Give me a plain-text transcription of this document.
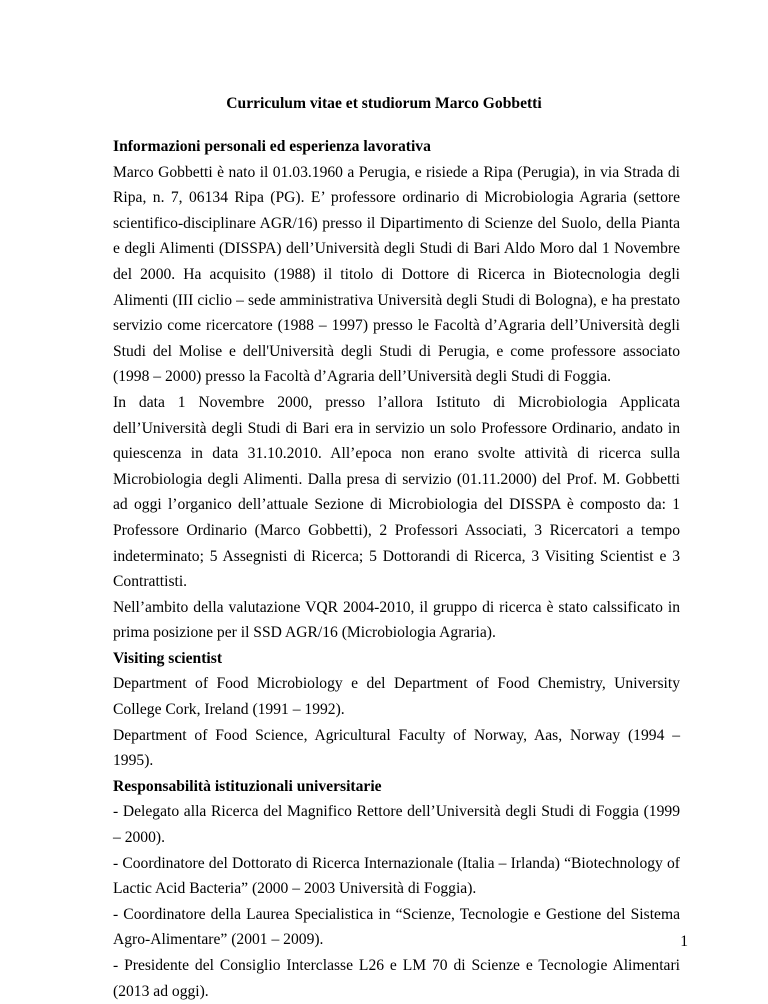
Curriculum vitae et studiorum Marco Gobbetti
Informazioni personali ed esperienza lavorativa

Marco Gobbetti è nato il 01.03.1960 a Perugia, e risiede a Ripa (Perugia), in via Strada di Ripa, n. 7, 06134 Ripa (PG). E’ professore ordinario di Microbiologia Agraria (settore scientifico-disciplinare AGR/16) presso il Dipartimento di Scienze del Suolo, della Pianta e degli Alimenti (DISSPA) dell’Università degli Studi di Bari Aldo Moro dal 1 Novembre del 2000. Ha acquisito (1988) il titolo di Dottore di Ricerca in Biotecnologia degli Alimenti (III ciclio – sede amministrativa Università degli Studi di Bologna), e ha prestato servizio come ricercatore (1988 – 1997) presso le Facoltà d’Agraria dell’Università degli Studi del Molise e dell'Università degli Studi di Perugia, e come professore associato (1998 – 2000) presso la Facoltà d’Agraria dell’Università degli Studi di Foggia.

In data 1 Novembre 2000, presso l’allora Istituto di Microbiologia Applicata dell’Università degli Studi di Bari era in servizio un solo Professore Ordinario, andato in quiescenza in data 31.10.2010. All’epoca non erano svolte attività di ricerca sulla Microbiologia degli Alimenti. Dalla presa di servizio (01.11.2000) del Prof. M. Gobbetti ad oggi l’organico dell’attuale Sezione di Microbiologia del DISSPA è composto da: 1 Professore Ordinario (Marco Gobbetti), 2 Professori Associati, 3 Ricercatori a tempo indeterminato; 5 Assegnisti di Ricerca; 5 Dottorandi di Ricerca, 3 Visiting Scientist e 3 Contrattisti.

Nell’ambito della valutazione VQR 2004-2010, il gruppo di ricerca è stato calssificato in prima posizione per il SSD AGR/16 (Microbiologia Agraria).

Visiting scientist

Department of Food Microbiology e del Department of Food Chemistry, University College Cork, Ireland (1991 – 1992).

Department of Food Science, Agricultural Faculty of Norway, Aas, Norway (1994 – 1995).

Responsabilità istituzionali universitarie

- Delegato alla Ricerca del Magnifico Rettore dell’Università degli Studi di Foggia (1999 – 2000).

- Coordinatore del Dottorato di Ricerca Internazionale (Italia – Irlanda) “Biotechnology of Lactic Acid Bacteria” (2000 – 2003 Università di Foggia).

- Coordinatore della Laurea Specialistica in “Scienze, Tecnologie e Gestione del Sistema Agro-Alimentare” (2001 – 2009).

- Presidente del Consiglio Interclasse L26 e LM 70 di Scienze e Tecnologie Alimentari (2013 ad oggi).

1
